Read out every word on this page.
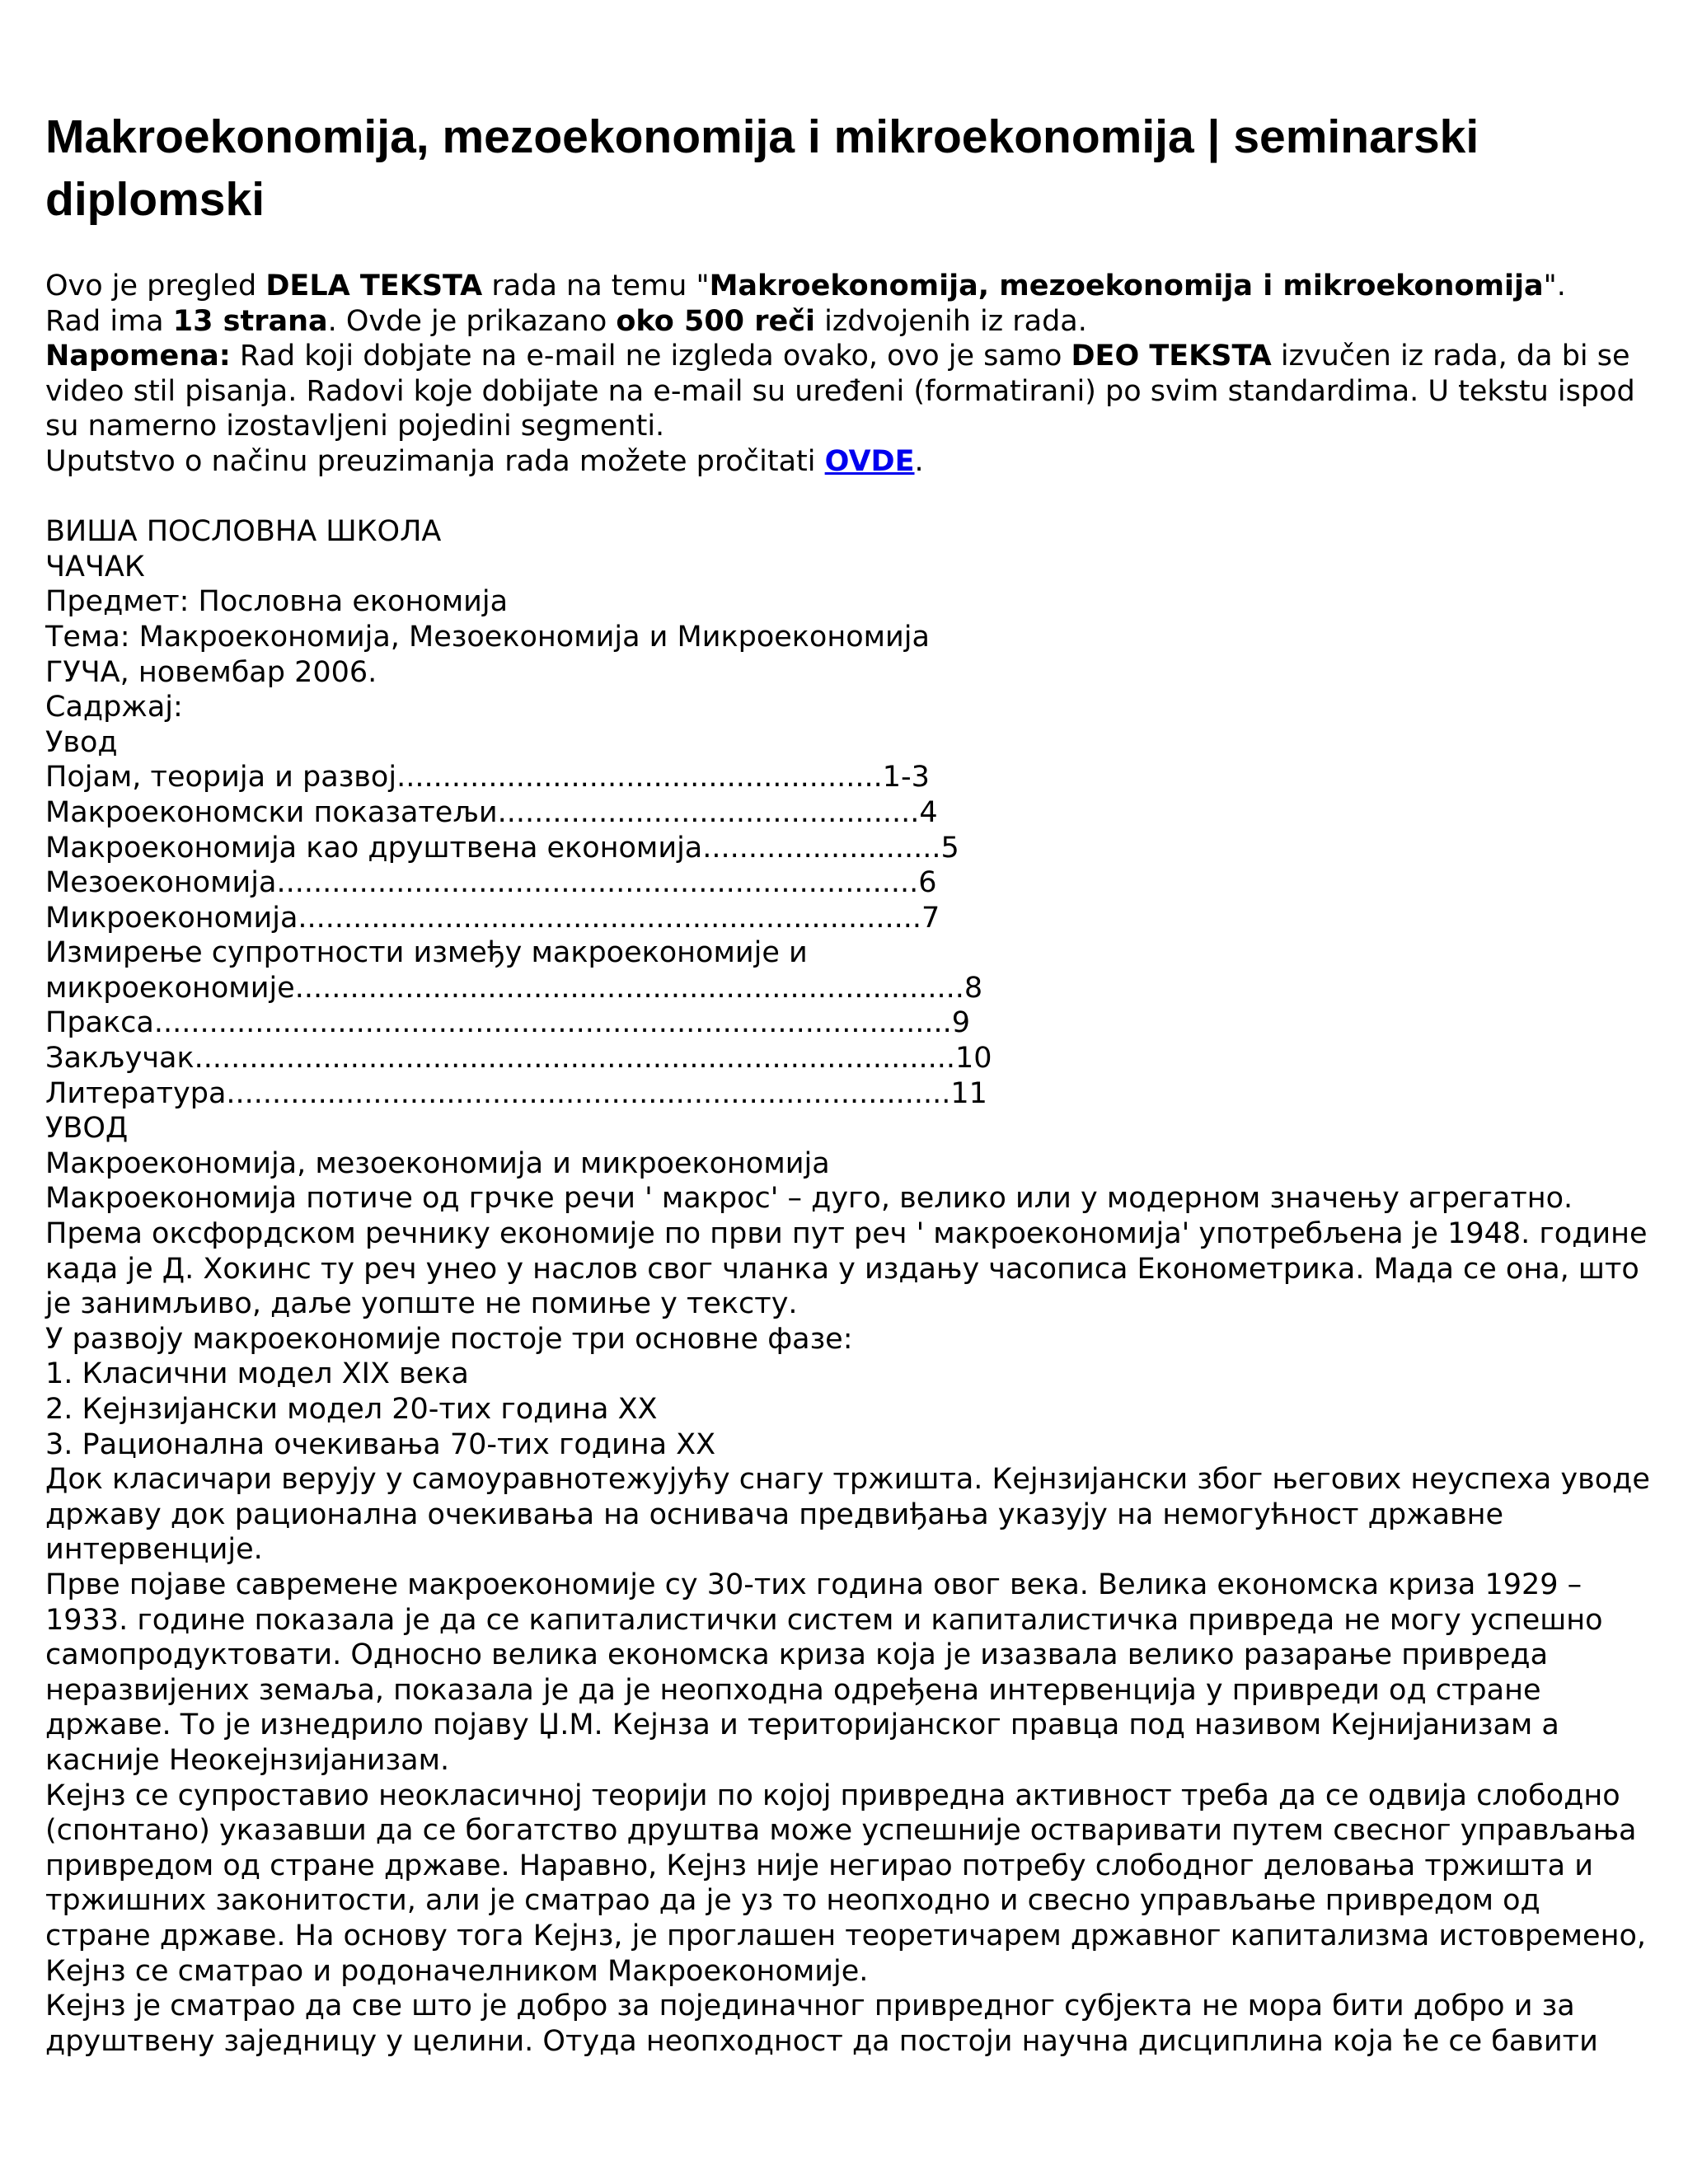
Makroekonomija, mezoekonomija i mikroekonomija | seminarski diplomski

Ovo je pregled DELA TEKSTA rada na temu "Makroekonomija, mezoekonomija i mikroekonomija".

Rad ima 13 strana. Ovde je prikazano oko 500 reči izdvojenih iz rada.

Napomena: Rad koji dobjate na e-mail ne izgleda ovako, ovo je samo DEO TEKSTA izvučen iz rada, da bi se video stil pisanja. Radovi koje dobijate na e-mail su uređeni (formatirani) po svim standardima. U tekstu ispod su namerno izostavljeni pojedini segmenti.

Uputstvo o načinu preuzimanja rada možete pročitati OVDE.

ВИША ПОСЛОВНА ШКОЛА

ЧАЧАК

Предмет: Пословна економија

Тема: Макроекономија, Мезоекономија и Микроекономија

ГУЧА, новембар 2006.

Садржај:

Увод

Појам, теорија и развој.....................................................1-3

Макроекономски показатељи..............................................4

Макроекономија као друштвена економија..........................5

Мезоекономија......................................................................6

Микроекономија....................................................................7

Измирење супротности између макроекономије и

микроекономије.........................................................................8

Пракса.......................................................................................9

Закључак...................................................................................10

Литература...............................................................................11

УВОД

Макроекономија, мезоекономија и микроекономија

Макроекономија потиче од грчке речи ' макрос' – дуго, велико или у модерном значењу агрегатно. Према оксфордском речнику економије по први пут реч ' макроекономија' употребљена је 1948. године када је Д. Хокинс ту реч унео у наслов свог чланка у издању часописа Економетрика. Мада се она, што је занимљиво, даље уопште не помиње у тексту.

У развоју макроекономије постоје три основне фазе:

1. Класични модел XIX века

2. Кејнзијански модел 20-тих година XX

3. Рационална очекивања 70-тих година XX

Док класичари верују у самоуравнотежујућу снагу тржишта. Кејнзијански због његових неуспеха уводе државу док рационална очекивања на оснивача предвиђања указују на немогућност државне интервенције.

Прве појаве савремене макроекономије су 30-тих година овог века. Велика економска криза 1929 – 1933. године показала је да се капиталистички систем и капиталистичка привреда не могу успешно самопродуктовати. Односно велика економска криза која је изазвала велико разарање привреда неразвијених земаља, показала је да је неопходна одређена интервенција у привреди од стране државе. То је изнедрило појаву Џ.М. Кејнза и територијанског правца под називом Кејнијанизам а касније Неокејнзијанизам.

Кејнз се супроставио неокласичној теорији по којој привредна активност треба да се одвија слободно (спонтано) указавши да се богатство друштва може успешније остваривати путем свесног управљања привредом од стране државе. Наравно, Кејнз није негирао потребу слободног деловања тржишта и тржишних законитости, али је сматрао да је уз то неопходно и свесно управљање привредом од стране државе. На основу тога Кејнз, је проглашен теоретичарем државног капитализма истовремено, Кејнз се сматрао и родоначелником Макроекономије.

Кејнз је сматрао да све што је добро за појединачног привредног субјекта не мора бити добро и за друштвену заједницу у целини. Отуда неопходност да постоји научна дисциплина која ће се бавити
